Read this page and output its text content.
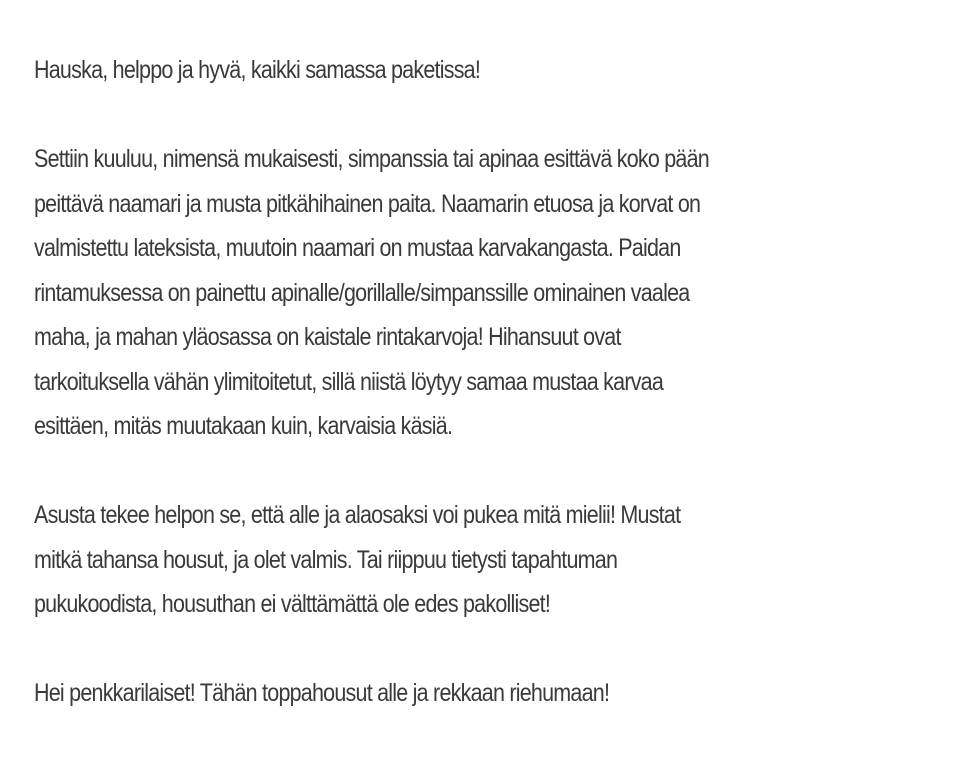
Hauska, helppo ja hyvä, kaikki samassa paketissa!

Settiin kuuluu, nimensä mukaisesti, simpanssia tai apinaa esittävä koko pään
peittävä naamari ja musta pitkähihainen paita. Naamarin etuosa ja korvat on
valmistettu lateksista, muutoin naamari on mustaa karvakangasta. Paidan
rintamuksessa on painettu apinalle/gorillalle/simpanssille ominainen vaalea
maha, ja mahan yläosassa on kaistale rintakarvoja! Hihansuut ovat
tarkoituksella vähän ylimitoitetut, sillä niistä löytyy samaa mustaa karvaa
esittäen, mitäs muutakaan kuin, karvaisia käsiä.

Asusta tekee helpon se, että alle ja alaosaksi voi pukea mitä mielii! Mustat
mitkä tahansa housut, ja olet valmis. Tai riippuu tietysti tapahtuman
pukukoodista, housuthan ei välttämättä ole edes pakolliset!

Hei penkkarilaiset! Tähän toppahousut alle ja rekkaan riehumaan!
